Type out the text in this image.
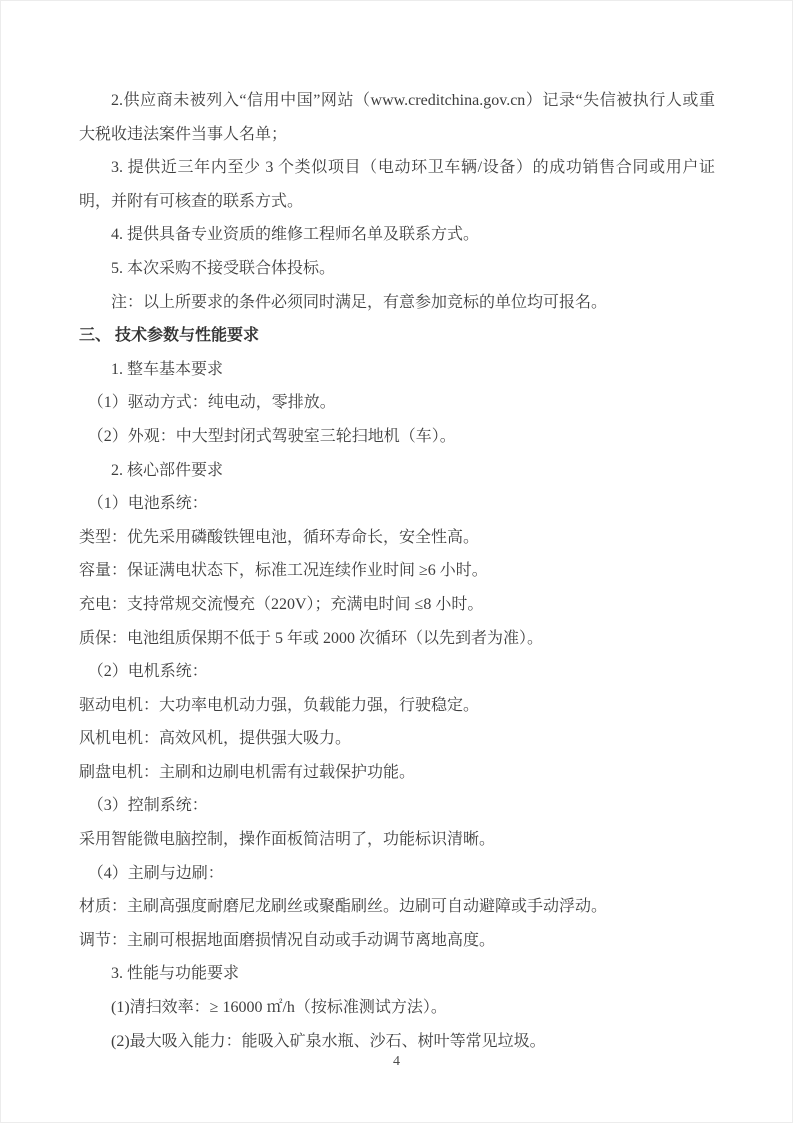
2.供应商未被列入“信用中国”网站（www.creditchina.gov.cn）记录“失信被执行人或重大税收违法案件当事人名单；

3. 提供近三年内至少 3 个类似项目（电动环卫车辆/设备）的成功销售合同或用户证明，并附有可核查的联系方式。

4. 提供具备专业资质的维修工程师名单及联系方式。

5. 本次采购不接受联合体投标。

注：以上所要求的条件必须同时满足，有意参加竞标的单位均可报名。

三、 技术参数与性能要求

1. 整车基本要求

（1）驱动方式：纯电动，零排放。

（2）外观：中大型封闭式驾驶室三轮扫地机（车）。

2. 核心部件要求

（1）电池系统：

类型：优先采用磷酸铁锂电池，循环寿命长，安全性高。

容量：保证满电状态下，标准工况连续作业时间 ≥6 小时。

充电：支持常规交流慢充（220V）；充满电时间 ≤8 小时。

质保：电池组质保期不低于 5 年或 2000 次循环（以先到者为准）。

（2）电机系统：

驱动电机：大功率电机动力强，负载能力强，行驶稳定。

风机电机：高效风机，提供强大吸力。

刷盘电机：主刷和边刷电机需有过载保护功能。

（3）控制系统：

采用智能微电脑控制，操作面板简洁明了，功能标识清晰。

（4）主刷与边刷：

材质：主刷高强度耐磨尼龙刷丝或聚酯刷丝。边刷可自动避障或手动浮动。

调节：主刷可根据地面磨损情况自动或手动调节离地高度。

3. 性能与功能要求

(1)清扫效率：≥ 16000 ㎡/h（按标准测试方法）。

(2)最大吸入能力：能吸入矿泉水瓶、沙石、树叶等常见垃圾。

4
